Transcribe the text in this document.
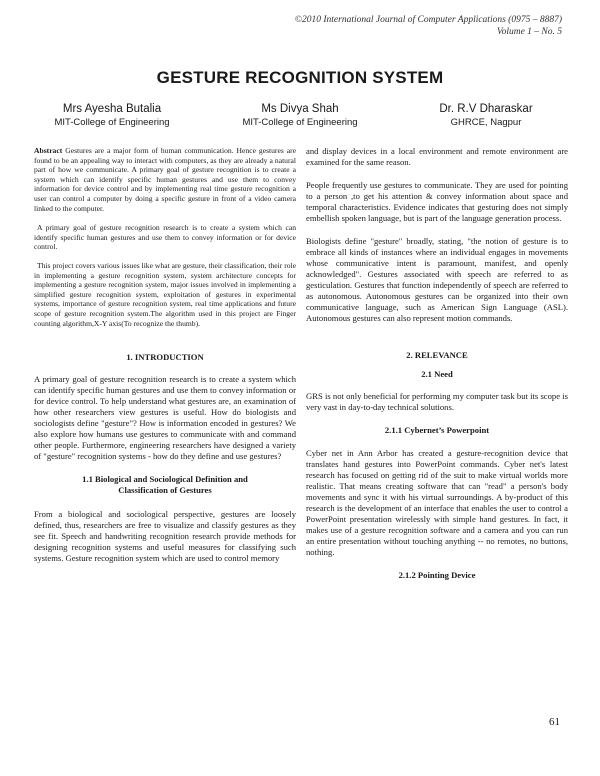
©2010 International Journal of Computer Applications (0975 – 8887)
Volume 1 – No. 5
GESTURE RECOGNITION SYSTEM
Mrs Ayesha Butalia
MIT-College of Engineering
Ms Divya Shah
MIT-College of Engineering
Dr. R.V Dharaskar
GHRCE, Nagpur

Abstract Gestures are a major form of human communication. Hence gestures are found to be an appealing way to interact with computers, as they are already a natural part of how we communicate. A primary goal of gesture recognition is to create a system which can identify specific human gestures and use them to convey information for device control and by implementing real time gesture recognition a user can control a computer by doing a specific gesture in front of a video camera linked to the computer.

A primary goal of gesture recognition research is to create a system which can identify specific human gestures and use them to convey information or for device control.

This project covers various issues like what are gesture, their classification, their role in implementing a gesture recognition system, system architecture concepts for implementing a gesture recognition system, major issues involved in implementing a simplified gesture recognition system, exploitation of gestures in experimental systems, importance of gesture recognition system, real time applications and future scope of gesture recognition system.The algorithm used in this project are Finger counting algorithm,X-Y axis(To recognize the thumb).

1. INTRODUCTION

A primary goal of gesture recognition research is to create a system which can identify specific human gestures and use them to convey information or for device control. To help understand what gestures are, an examination of how other researchers view gestures is useful. How do biologists and sociologists define "gesture"? How is information encoded in gestures? We also explore how humans use gestures to communicate with and command other people. Furthermore, engineering researchers have designed a variety of "gesture" recognition systems - how do they define and use gestures?

1.1 Biological and Sociological Definition and
Classification of Gestures

From a biological and sociological perspective, gestures are loosely defined, thus, researchers are free to visualize and classify gestures as they see fit. Speech and handwriting recognition research provide methods for designing recognition systems and useful measures for classifying such systems. Gesture recognition system which are used to control memory

and display devices in a local environment and remote environment are examined for the same reason.

People frequently use gestures to communicate. They are used for pointing to a person ,to get his attention & convey information about space and temporal characteristics. Evidence indicates that gesturing does not simply embellish spoken language, but is part of the language generation process.

Biologists define "gesture" broadly, stating, "the notion of gesture is to embrace all kinds of instances where an individual engages in movements whose communicative intent is paramount, manifest, and openly acknowledged". Gestures associated with speech are referred to as gesticulation. Gestures that function independently of speech are referred to as autonomous. Autonomous gestures can be organized into their own communicative language, such as American Sign Language (ASL). Autonomous gestures can also represent motion commands.

2. RELEVANCE

2.1 Need

GRS is not only beneficial for performing my computer task but its scope is very vast in day-to-day technical solutions.

2.1.1 Cybernet’s Powerpoint

Cyber net in Ann Arbor has created a gesture-recognition device that translates hand gestures into PowerPoint commands. Cyber net's latest research has focused on getting rid of the suit to make virtual worlds more realistic. That means creating software that can "read" a person's body movements and sync it with his virtual surroundings. A by-product of this research is the development of an interface that enables the user to control a PowerPoint presentation wirelessly with simple hand gestures. In fact, it makes use of a gesture recognition software and a camera and you can run an entire presentation without touching anything -- no remotes, no buttons, nothing.

2.1.2 Pointing Device

61
